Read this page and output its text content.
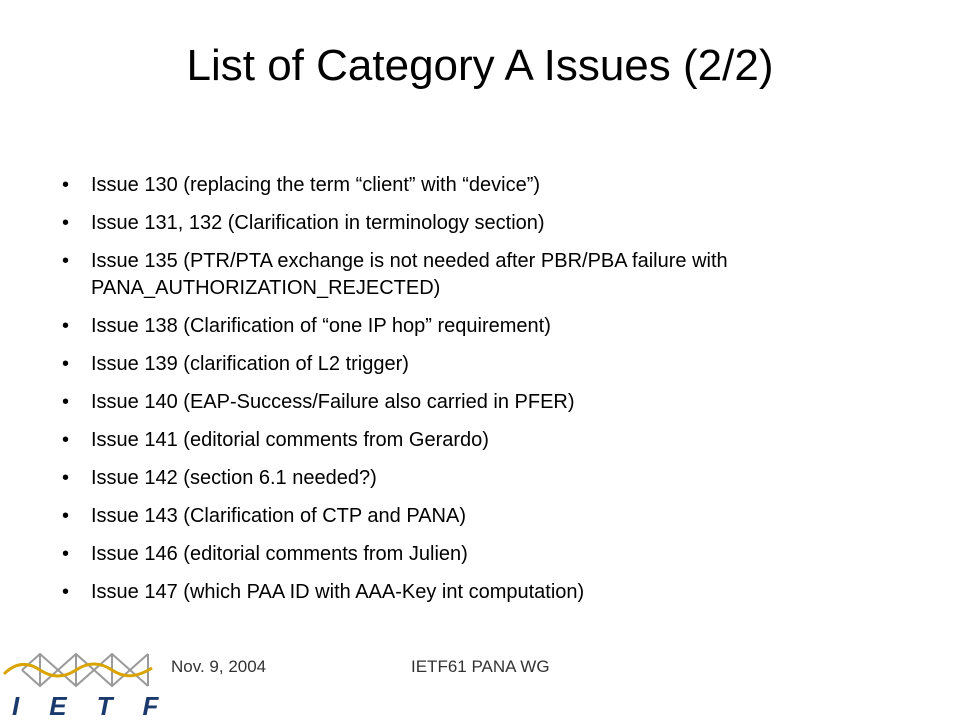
List of Category A Issues (2/2)
• Issue 130 (replacing the term “client” with “device”)
• Issue 131, 132 (Clarification in terminology section)
• Issue 135 (PTR/PTA exchange is not needed after PBR/PBA failure with PANA_AUTHORIZATION_REJECTED)
• Issue 138 (Clarification of “one IP hop” requirement)
• Issue 139 (clarification of L2 trigger)
• Issue 140 (EAP-Success/Failure also carried in PFER)
• Issue 141 (editorial comments from Gerardo)
• Issue 142 (section 6.1 needed?)
• Issue 143 (Clarification of CTP and PANA)
• Issue 146 (editorial comments from Julien)
• Issue 147 (which PAA ID with AAA-Key int computation)
IETF
Nov. 9, 2004	IETF61 PANA WG
